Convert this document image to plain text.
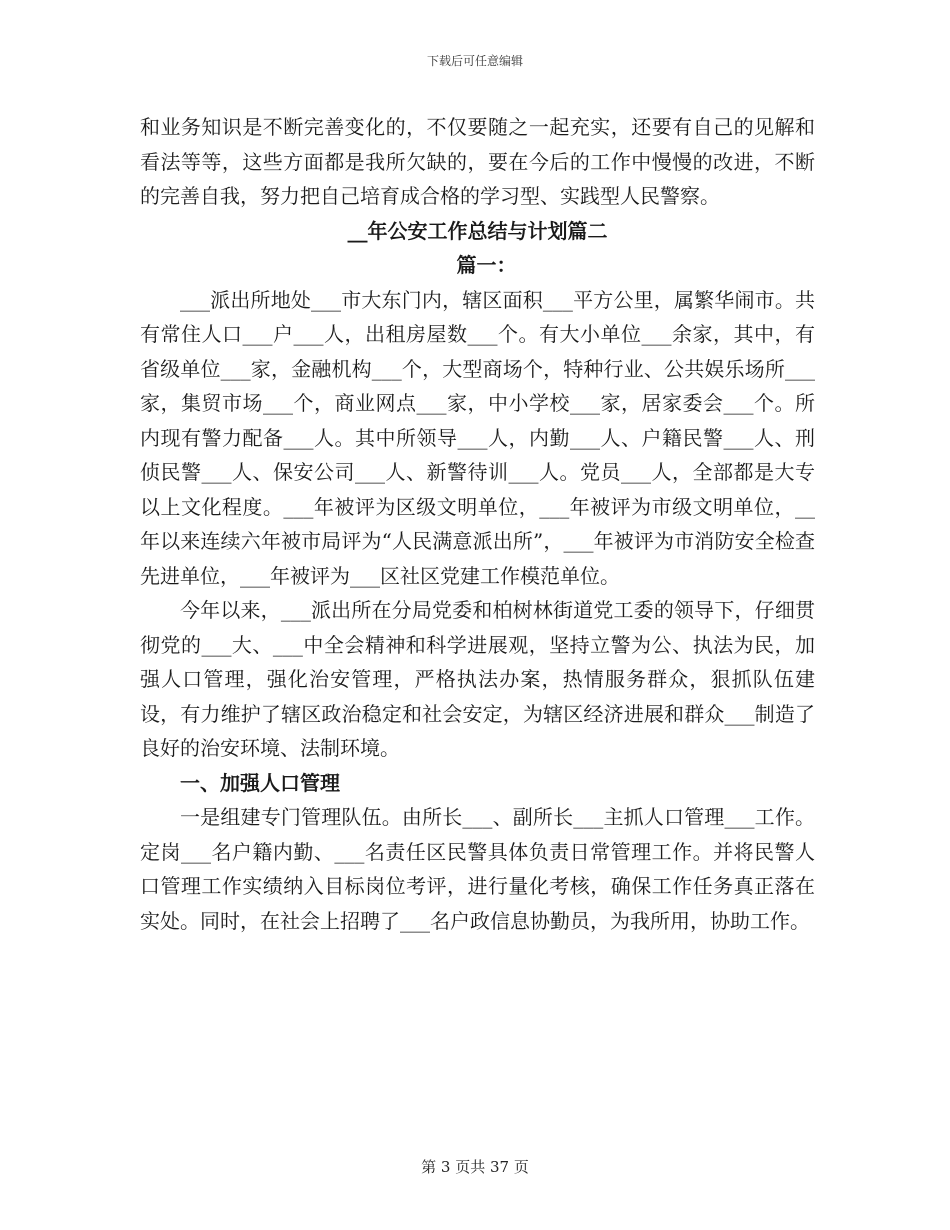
下载后可任意编辑

和业务知识是不断完善变化的，不仅要随之一起充实，还要有自己的见解和看法等等，这些方面都是我所欠缺的，要在今后的工作中慢慢的改进，不断的完善自我，努力把自己培育成合格的学习型、实践型人民警察。

__年公安工作总结与计划篇二

篇一：

___派出所地处___市大东门内，辖区面积___平方公里，属繁华闹市。共有常住人口___户___人，出租房屋数___个。有大小单位___余家，其中，有省级单位___家，金融机构___个，大型商场个，特种行业、公共娱乐场所___家，集贸市场___个，商业网点___家，中小学校___家，居家委会___个。所内现有警力配备___人。其中所领导___人，内勤___人、户籍民警___人、刑侦民警___人、保安公司___人、新警待训___人。党员___人，全部都是大专以上文化程度。___年被评为区级文明单位，___年被评为市级文明单位，__年以来连续六年被市局评为“人民满意派出所”，___年被评为市消防安全检查先进单位，___年被评为___区社区党建工作模范单位。

今年以来，___派出所在分局党委和柏树林街道党工委的领导下，仔细贯彻党的___大、___中全会精神和科学进展观，坚持立警为公、执法为民，加强人口管理，强化治安管理，严格执法办案，热情服务群众，狠抓队伍建设，有力维护了辖区政治稳定和社会安定，为辖区经济进展和群众___制造了良好的治安环境、法制环境。

一、加强人口管理

一是组建专门管理队伍。由所长___、副所长___主抓人口管理___工作。定岗___名户籍内勤、___名责任区民警具体负责日常管理工作。并将民警人口管理工作实绩纳入目标岗位考评，进行量化考核，确保工作任务真正落在实处。同时，在社会上招聘了___名户政信息协勤员，为我所用，协助工作。

第 3 页共 37 页
